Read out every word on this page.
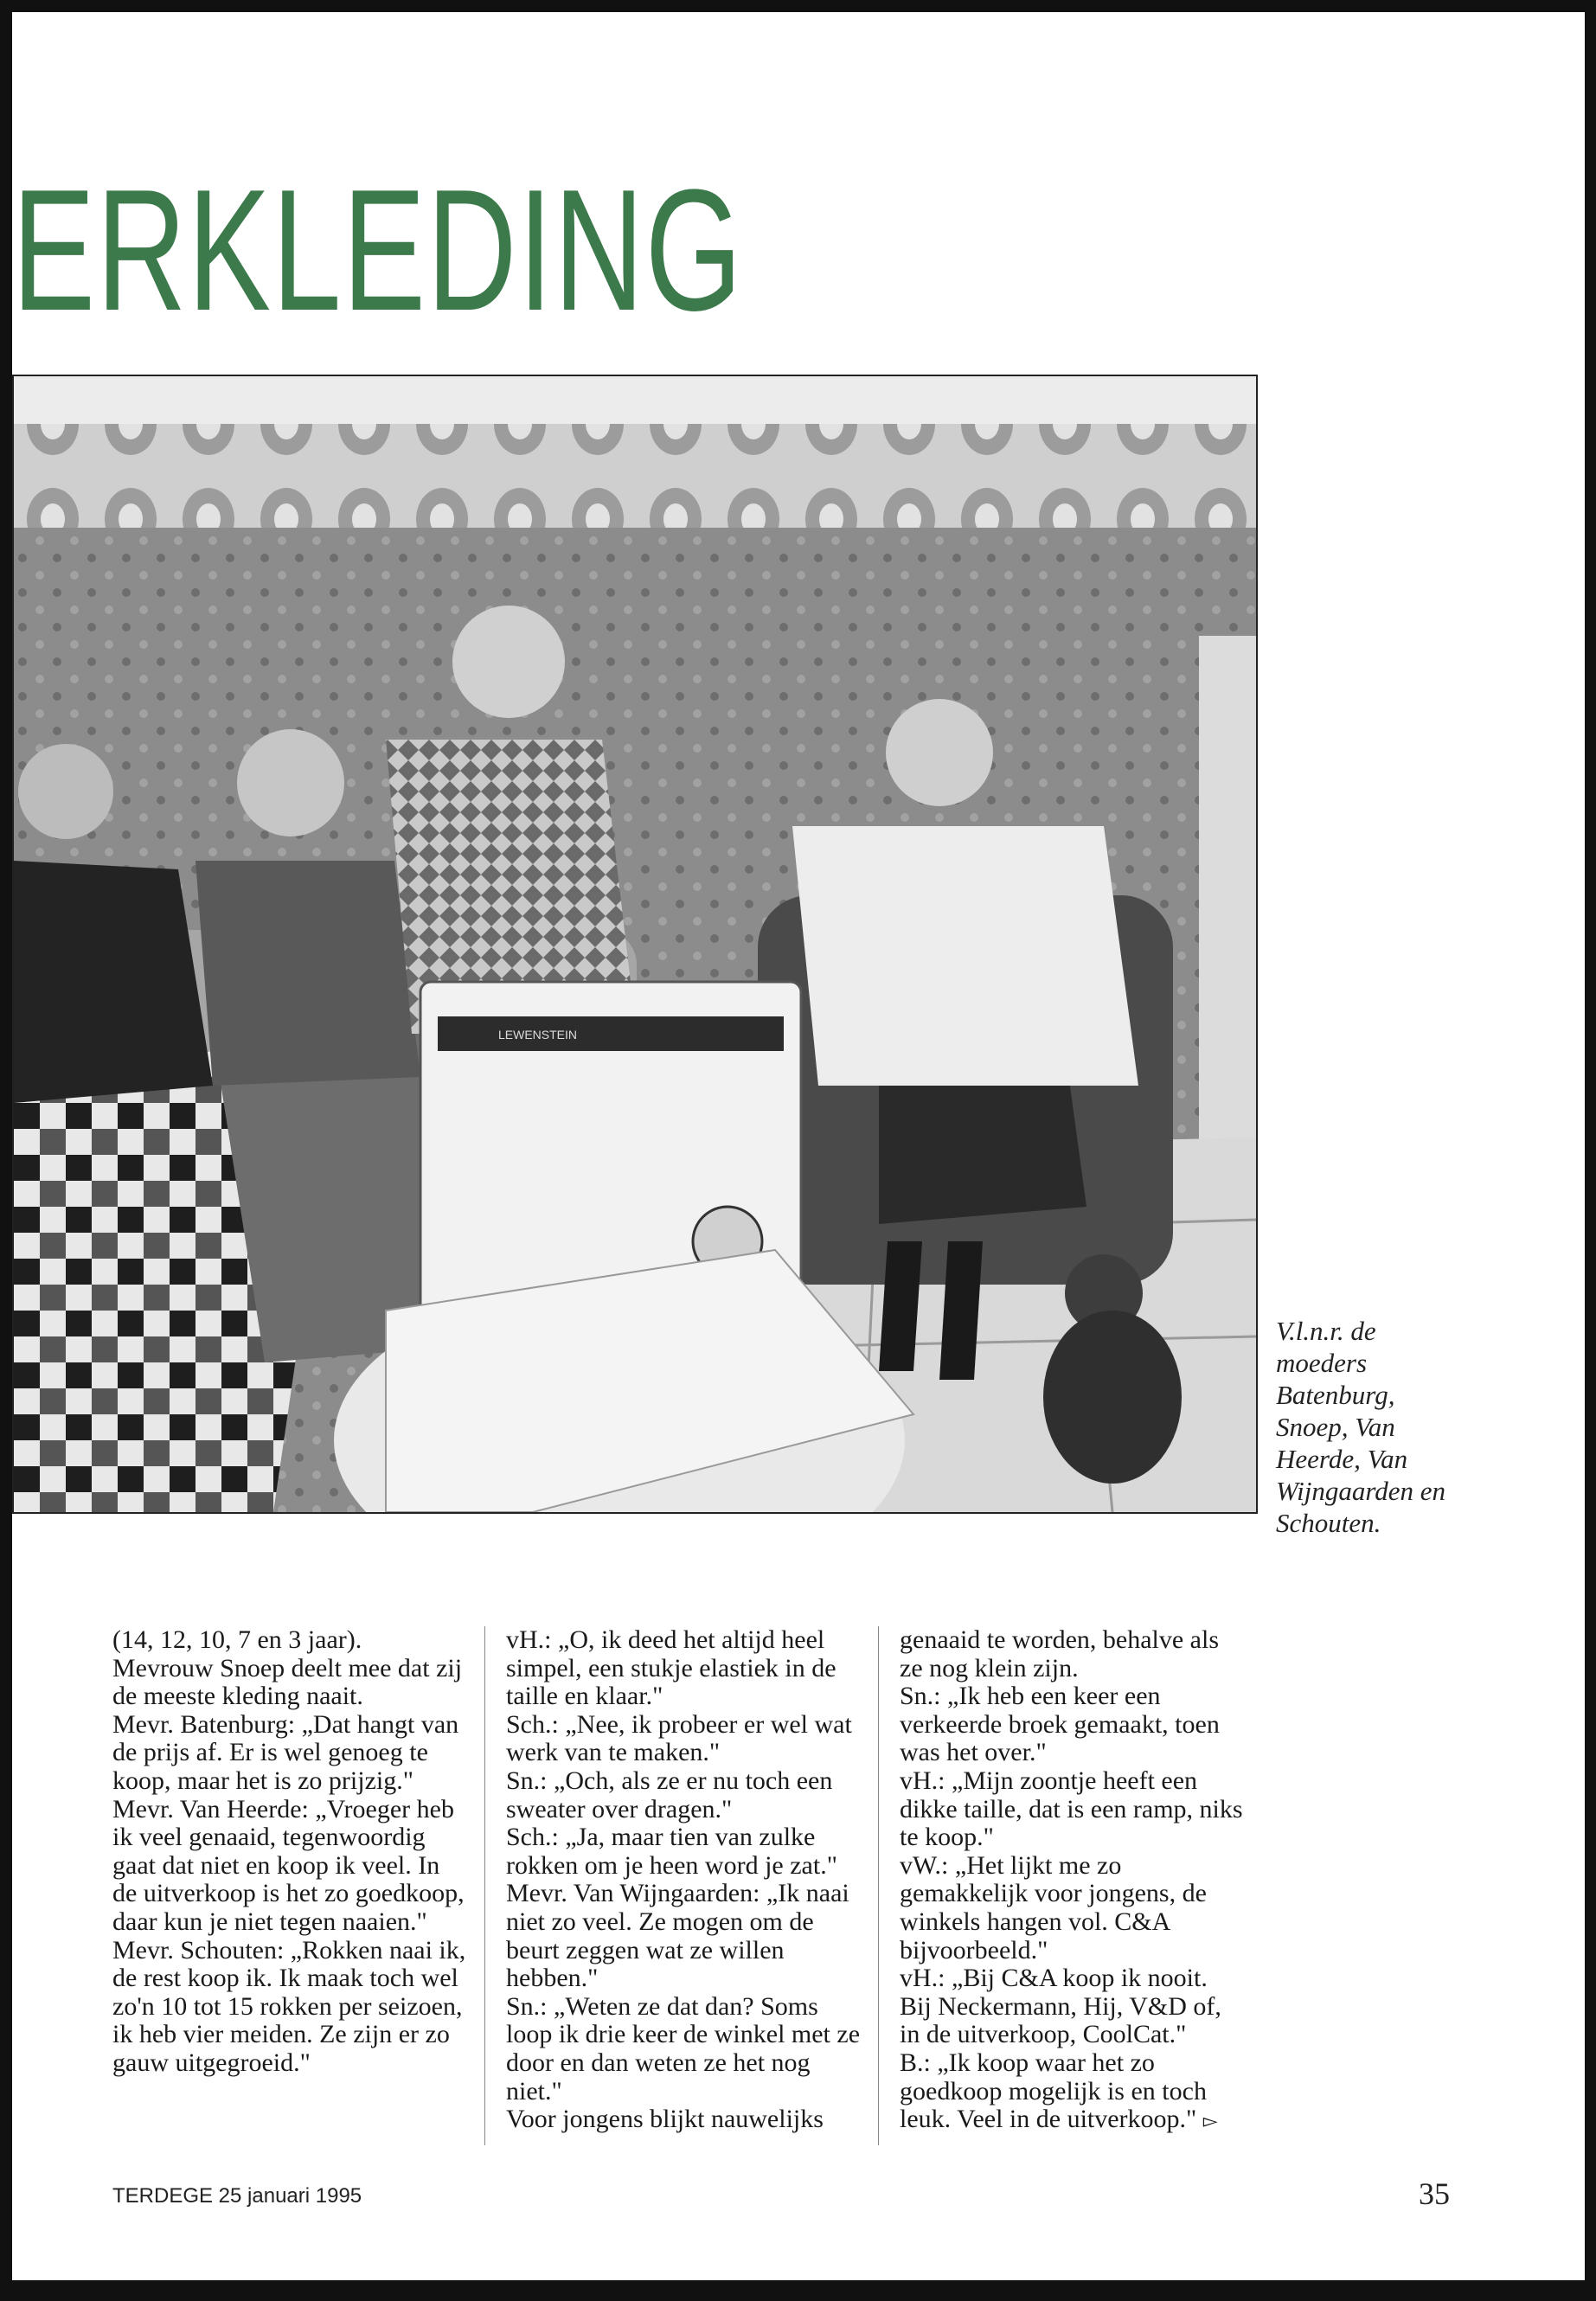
ERKLEDING
LEWENSTEIN

V.l.n.r. de moeders Batenburg, Snoep, Van Heerde, Van Wijngaarden en Schouten.

(14, 12, 10, 7 en 3 jaar).

Mevrouw Snoep deelt mee dat zij de meeste kleding naait.

Mevr. Batenburg: „Dat hangt van de prijs af. Er is wel genoeg te koop, maar het is zo prijzig."

Mevr. Van Heerde: „Vroeger heb ik veel genaaid, tegenwoordig gaat dat niet en koop ik veel. In de uitverkoop is het zo goedkoop, daar kun je niet tegen naaien."

Mevr. Schouten: „Rokken naai ik, de rest koop ik. Ik maak toch wel zo'n 10 tot 15 rokken per seizoen, ik heb vier meiden. Ze zijn er zo gauw uitgegroeid."

vH.: „O, ik deed het altijd heel simpel, een stukje elastiek in de taille en klaar."

Sch.: „Nee, ik probeer er wel wat werk van te maken."

Sn.: „Och, als ze er nu toch een sweater over dragen."

Sch.: „Ja, maar tien van zulke rokken om je heen word je zat."

Mevr. Van Wijngaarden: „Ik naai niet zo veel. Ze mogen om de beurt zeggen wat ze willen hebben."

Sn.: „Weten ze dat dan? Soms loop ik drie keer de winkel met ze door en dan weten ze het nog niet."

Voor jongens blijkt nauwelijks

genaaid te worden, behalve als ze nog klein zijn.

Sn.: „Ik heb een keer een verkeerde broek gemaakt, toen was het over."

vH.: „Mijn zoontje heeft een dikke taille, dat is een ramp, niks te koop."

vW.: „Het lijkt me zo gemakkelijk voor jongens, de winkels hangen vol. C&A bijvoorbeeld."

vH.: „Bij C&A koop ik nooit. Bij Neckermann, Hij, V&D of, in de uitverkoop, CoolCat."

B.: „Ik koop waar het zo goedkoop mogelijk is en toch leuk. Veel in de uitverkoop." ▻

TERDEGE 25 januari 1995	35
